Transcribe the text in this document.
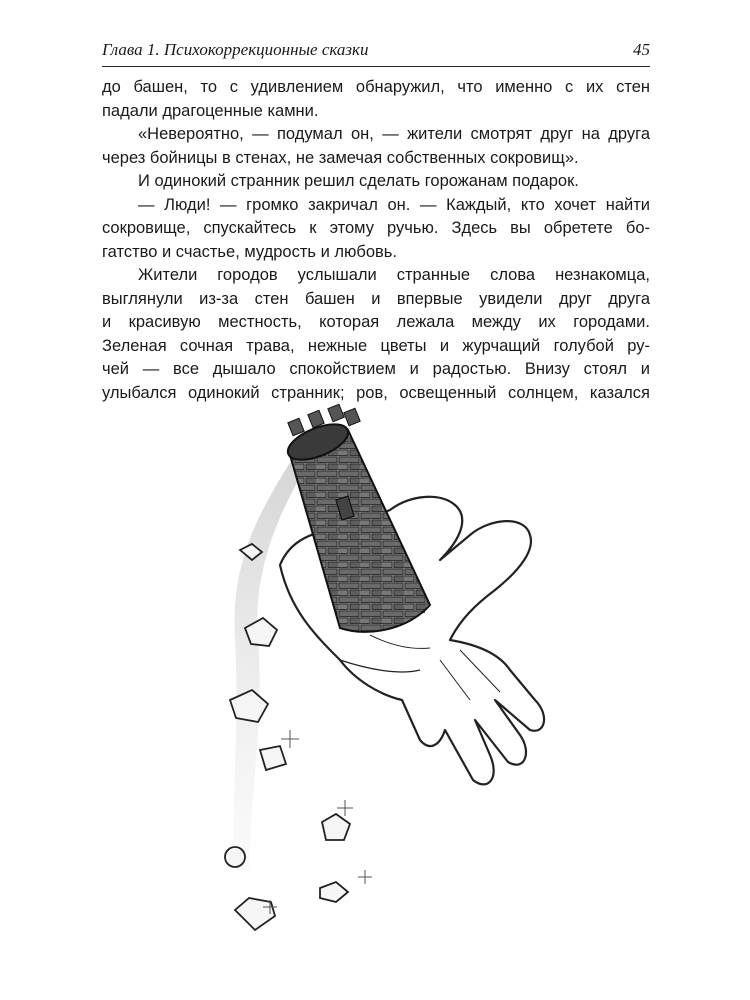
Глава 1. Психокоррекционные сказки	45
до башен, то с удивлением обнаружил, что именно с их стен
падали драгоценные камни.
«Невероятно, — подумал он, — жители смотрят друг на друга
через бойницы в стенах, не замечая собственных сокровищ».
И одинокий странник решил сделать горожанам подарок.
— Люди! — громко закричал он. — Каждый, кто хочет найти
сокровище, спускайтесь к этому ручью. Здесь вы обретете бо-
гатство и счастье, мудрость и любовь.
Жители городов услышали странные слова незнакомца,
выглянули из-за стен башен и впервые увидели друг друга
и красивую местность, которая лежала между их городами.
Зеленая сочная трава, нежные цветы и журчащий голубой ру-
чей — все дышало спокойствием и радостью. Внизу стоял и
улыбался одинокий странник; ров, освещенный солнцем, казался
